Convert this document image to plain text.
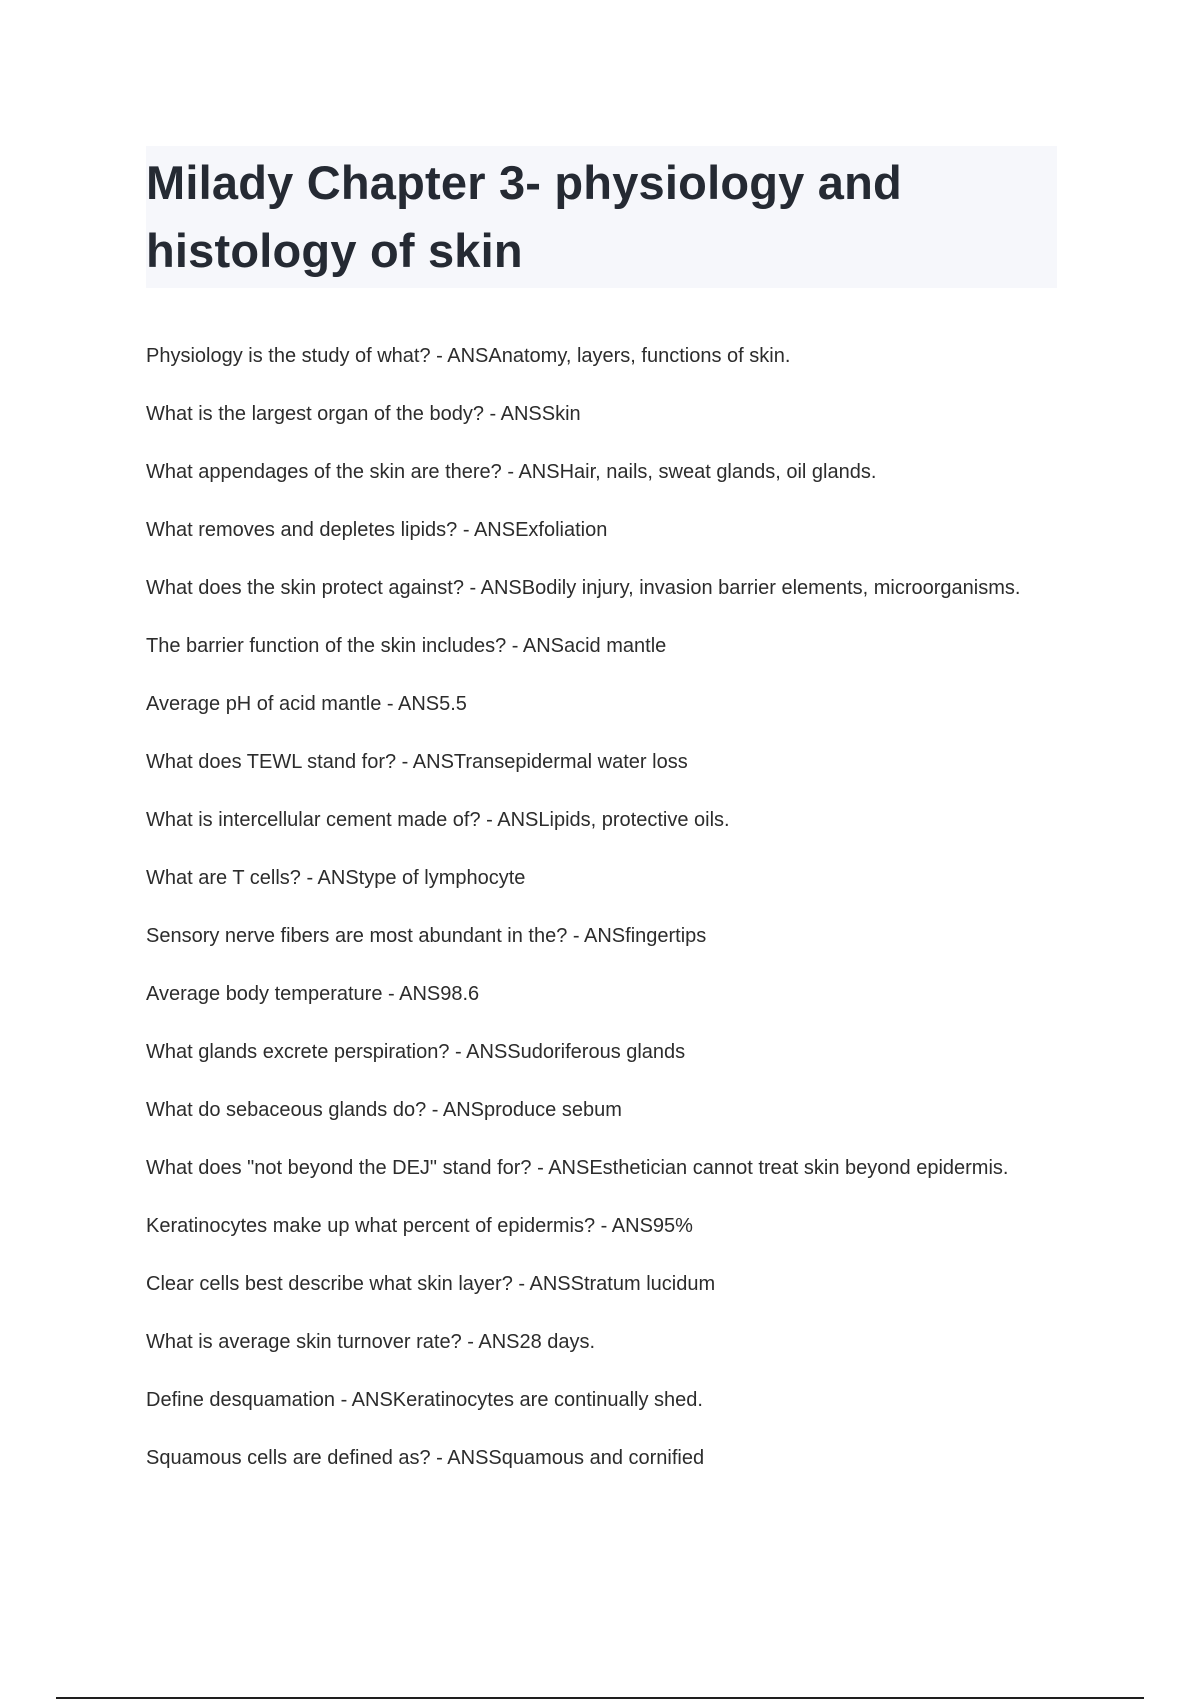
Milady Chapter 3- physiology and histology of skin
Physiology is the study of what? - ANSAnatomy, layers, functions of skin.
What is the largest organ of the body? - ANSSkin
What appendages of the skin are there? - ANSHair, nails, sweat glands, oil glands.
What removes and depletes lipids? - ANSExfoliation
What does the skin protect against? - ANSBodily injury, invasion barrier elements, microorganisms.
The barrier function of the skin includes? - ANSacid mantle
Average pH of acid mantle - ANS5.5
What does TEWL stand for? - ANSTransepidermal water loss
What is intercellular cement made of? - ANSLipids, protective oils.
What are T cells? - ANStype of lymphocyte
Sensory nerve fibers are most abundant in the? - ANSfingertips
Average body temperature - ANS98.6
What glands excrete perspiration? - ANSSudoriferous glands
What do sebaceous glands do? - ANSproduce sebum
What does "not beyond the DEJ" stand for? - ANSEsthetician cannot treat skin beyond epidermis.
Keratinocytes make up what percent of epidermis? - ANS95%
Clear cells best describe what skin layer? - ANSStratum lucidum
What is average skin turnover rate? - ANS28 days.
Define desquamation - ANSKeratinocytes are continually shed.
Squamous cells are defined as? - ANSSquamous and cornified
